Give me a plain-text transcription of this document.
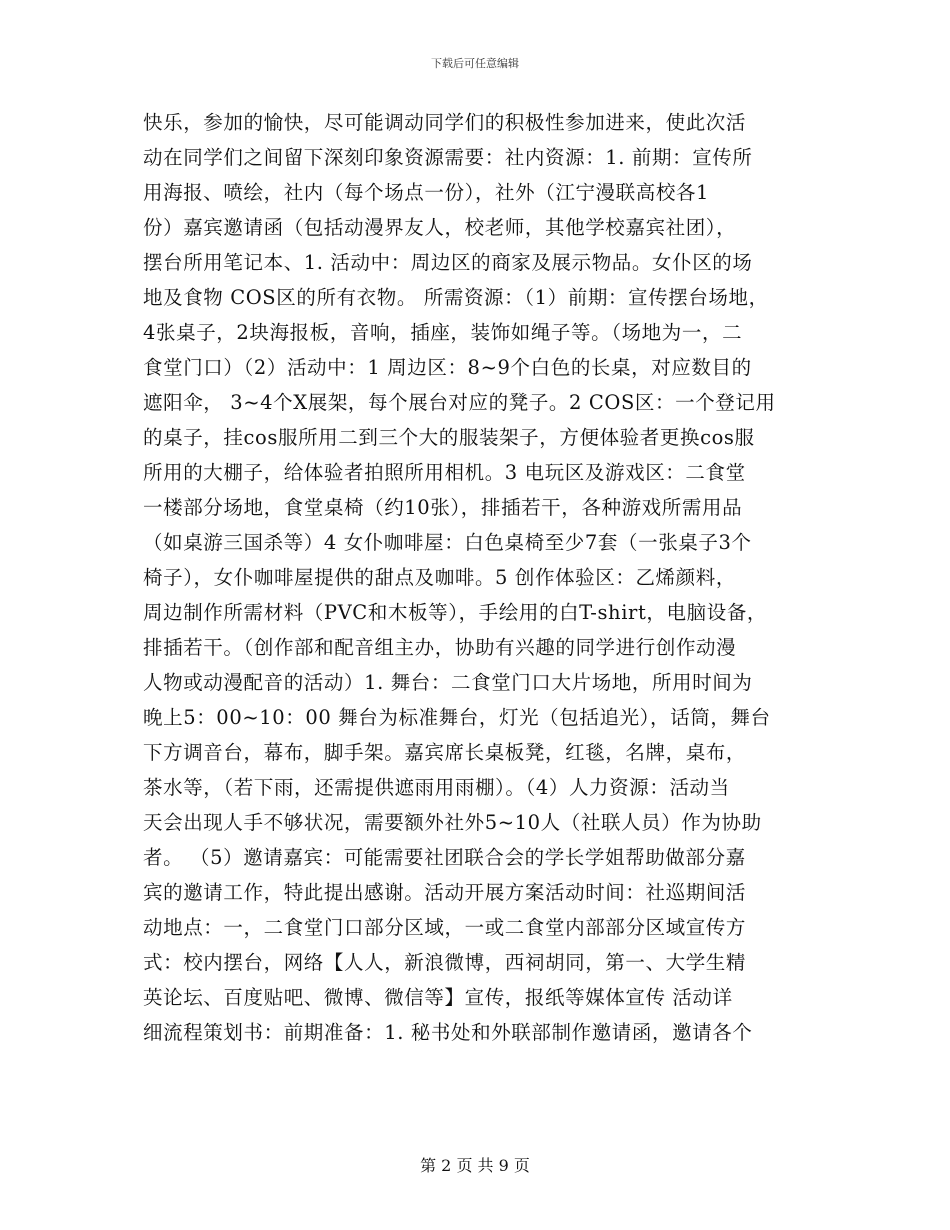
下载后可任意编辑
快乐，参加的愉快，尽可能调动同学们的积极性参加进来，使此次活
动在同学们之间留下深刻印象资源需要：社内资源：1. 前期：宣传所
用海报、喷绘，社内（每个场点一份），社外（江宁漫联高校各1
份）嘉宾邀请函（包括动漫界友人，校老师，其他学校嘉宾社团），
摆台所用笔记本、1. 活动中：周边区的商家及展示物品。女仆区的场
地及食物 COS区的所有衣物。 所需资源：（1）前期：宣传摆台场地，
4张桌子，2块海报板，音响，插座，装饰如绳子等。（场地为一，二
食堂门口）（2）活动中：1 周边区：8~9个白色的长桌，对应数目的
遮阳伞， 3~4个X展架，每个展台对应的凳子。2 COS区：一个登记用
的桌子，挂cos服所用二到三个大的服装架子，方便体验者更换cos服
所用的大棚子，给体验者拍照所用相机。3 电玩区及游戏区：二食堂
一楼部分场地，食堂桌椅（约10张），排插若干，各种游戏所需用品
（如桌游三国杀等）4 女仆咖啡屋：白色桌椅至少7套（一张桌子3个
椅子），女仆咖啡屋提供的甜点及咖啡。5 创作体验区：乙烯颜料，
周边制作所需材料（PVC和木板等），手绘用的白T-shirt，电脑设备，
排插若干。（创作部和配音组主办，协助有兴趣的同学进行创作动漫
人物或动漫配音的活动）1. 舞台：二食堂门口大片场地，所用时间为
晚上5：00~10：00 舞台为标准舞台，灯光（包括追光），话筒，舞台
下方调音台，幕布，脚手架。嘉宾席长桌板凳，红毯，名牌，桌布，
茶水等，（若下雨，还需提供遮雨用雨棚）。（4）人力资源：活动当
天会出现人手不够状况，需要额外社外5~10人（社联人员）作为协助
者。 （5）邀请嘉宾：可能需要社团联合会的学长学姐帮助做部分嘉
宾的邀请工作，特此提出感谢。活动开展方案活动时间：社巡期间活
动地点：一，二食堂门口部分区域，一或二食堂内部部分区域宣传方
式：校内摆台，网络【人人，新浪微博，西祠胡同，第一、大学生精
英论坛、百度贴吧、微博、微信等】宣传，报纸等媒体宣传 活动详
细流程策划书：前期准备：1. 秘书处和外联部制作邀请函，邀请各个
第 2 页 共 9 页
